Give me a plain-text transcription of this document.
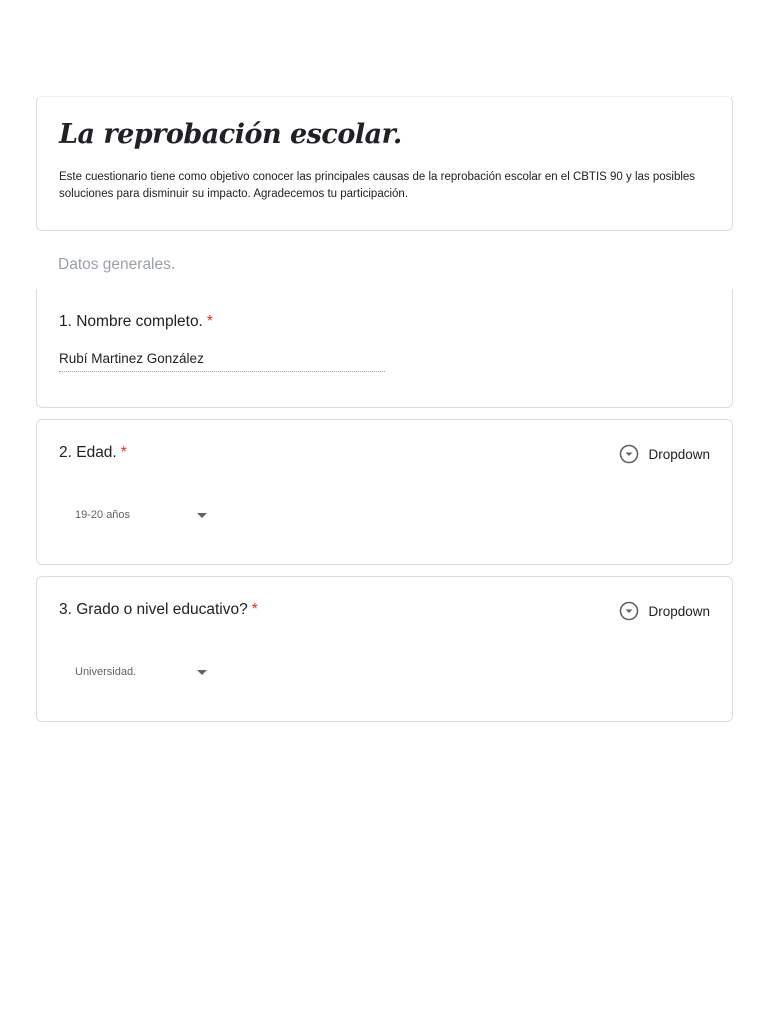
La reprobación escolar.
Este cuestionario tiene como objetivo conocer las principales causas de la reprobación escolar en el CBTIS 90 y las posibles soluciones para disminuir su impacto. Agradecemos tu participación.
Datos generales.
1. Nombre completo. *
Rubí Martinez González
2. Edad. *	Dropdown
19-20 años
3. Grado o nivel educativo? *	Dropdown
Universidad.
